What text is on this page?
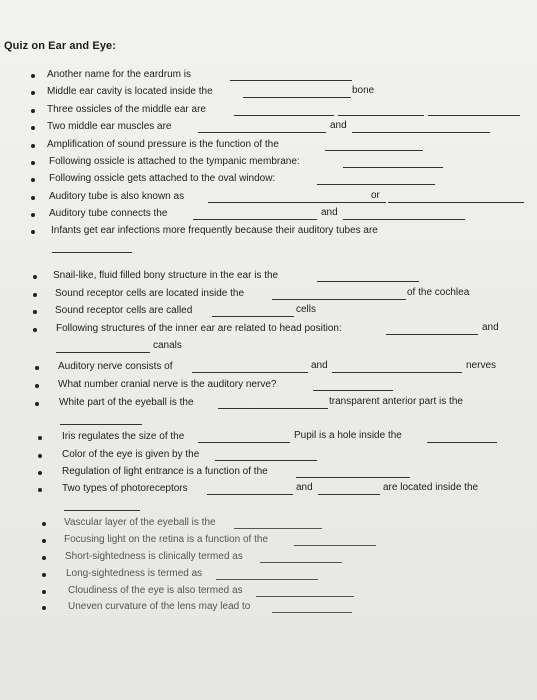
Quiz on Ear and Eye:
Another name for the eardrum is
Middle ear cavity is located inside the	bone
Three ossicles of the middle ear are
Two middle ear muscles are	and
Amplification of sound pressure is the function of the
Following ossicle is attached to the tympanic membrane:
Following ossicle gets attached to the oval window:
Auditory tube is also known as	or
Auditory tube connects the	and
Infants get ear infections more frequently because their auditory tubes are
Snail-like, fluid filled bony structure in the ear is the
Sound receptor cells are located inside the	of the cochlea
Sound receptor cells are called	cells
Following structures of the inner ear are related to head position:	and
canals
Auditory nerve consists of	and	nerves
What number cranial nerve is the auditory nerve?
White part of the eyeball is the	transparent anterior part is the
Iris regulates the size of the	Pupil is a hole inside the
Color of the eye is given by the
Regulation of light entrance is a function of the
Two types of photoreceptors	and	are located inside the
Vascular layer of the eyeball is the
Focusing light on the retina is a function of the
Short-sightedness is clinically termed as
Long-sightedness is termed as
Cloudiness of the eye is also termed as
Uneven curvature of the lens may lead to
